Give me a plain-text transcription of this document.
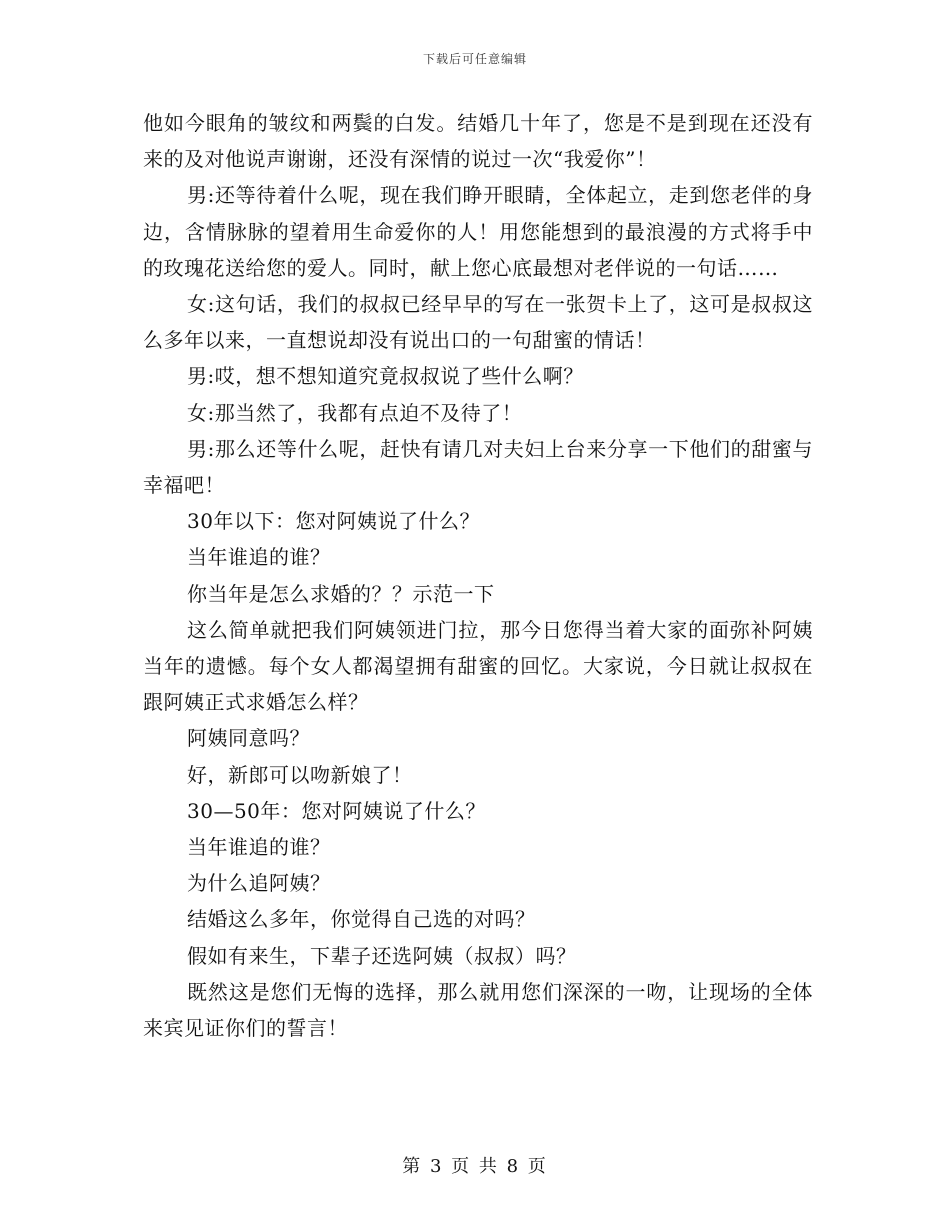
下载后可任意编辑

他如今眼角的皱纹和两鬓的白发。结婚几十年了，您是不是到现在还没有来的及对他说声谢谢，还没有深情的说过一次“我爱你”！

男:还等待着什么呢，现在我们睁开眼睛，全体起立，走到您老伴的身边，含情脉脉的望着用生命爱你的人！用您能想到的最浪漫的方式将手中的玫瑰花送给您的爱人。同时，献上您心底最想对老伴说的一句话……

女:这句话，我们的叔叔已经早早的写在一张贺卡上了，这可是叔叔这么多年以来，一直想说却没有说出口的一句甜蜜的情话！

男:哎，想不想知道究竟叔叔说了些什么啊？

女:那当然了，我都有点迫不及待了！

男:那么还等什么呢，赶快有请几对夫妇上台来分享一下他们的甜蜜与幸福吧！

30年以下：您对阿姨说了什么？

当年谁追的谁？

你当年是怎么求婚的？？示范一下

这么简单就把我们阿姨领进门拉，那今日您得当着大家的面弥补阿姨当年的遗憾。每个女人都渴望拥有甜蜜的回忆。大家说，今日就让叔叔在跟阿姨正式求婚怎么样？

阿姨同意吗？

好，新郎可以吻新娘了！

30—50年：您对阿姨说了什么？

当年谁追的谁？

为什么追阿姨？

结婚这么多年，你觉得自己选的对吗？

假如有来生，下辈子还选阿姨（叔叔）吗？

既然这是您们无悔的选择，那么就用您们深深的一吻，让现场的全体来宾见证你们的誓言！

第 3 页 共 8 页
